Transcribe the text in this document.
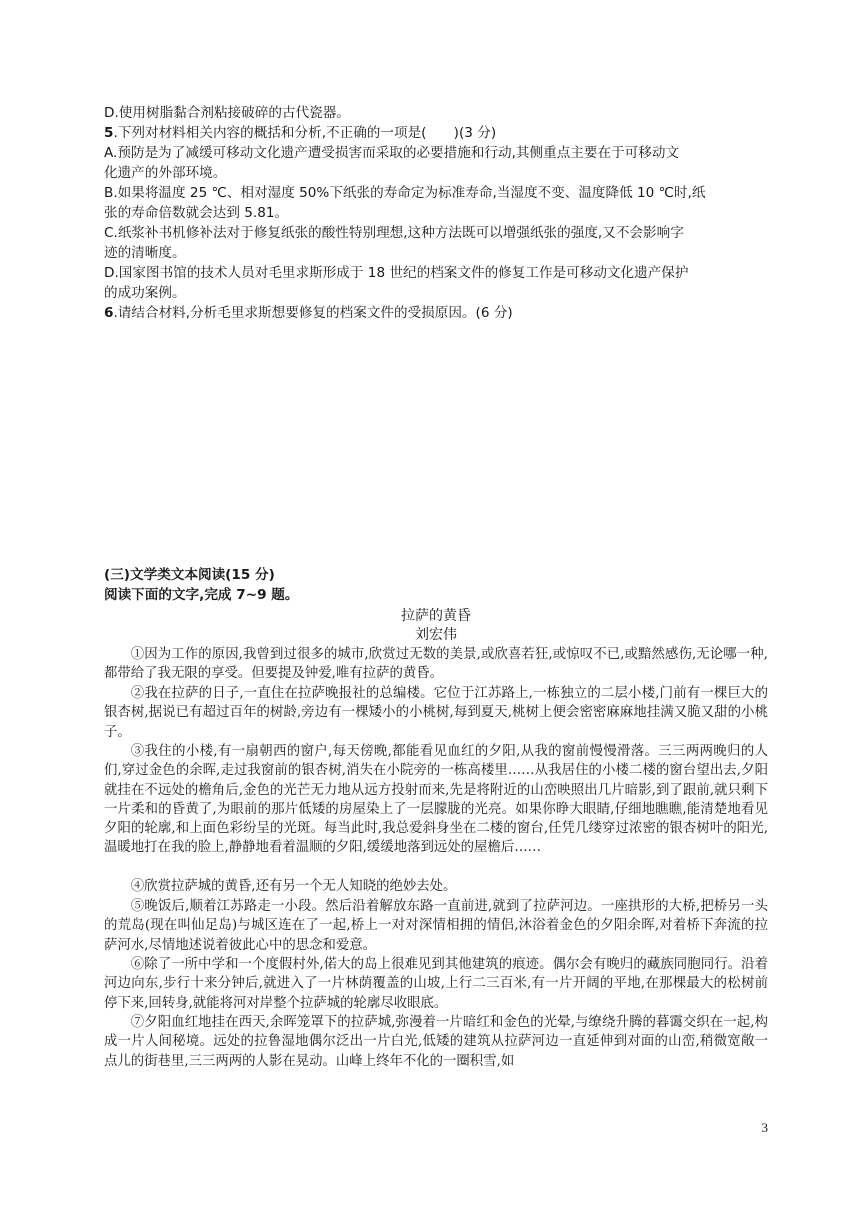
D.使用树脂黏合剂粘接破碎的古代瓷器。
5.下列对材料相关内容的概括和分析,不正确的一项是(　　)(3 分)
A.预防是为了减缓可移动文化遗产遭受损害而采取的必要措施和行动,其侧重点主要在于可移动文
化遗产的外部环境。
B.如果将温度 25 ℃、相对湿度 50%下纸张的寿命定为标准寿命,当湿度不变、温度降低 10 ℃时,纸
张的寿命倍数就会达到 5.81。
C.纸浆补书机修补法对于修复纸张的酸性特别理想,这种方法既可以增强纸张的强度,又不会影响字
迹的清晰度。
D.国家图书馆的技术人员对毛里求斯形成于 18 世纪的档案文件的修复工作是可移动文化遗产保护
的成功案例。
6.请结合材料,分析毛里求斯想要修复的档案文件的受损原因。(6 分)
(三)文学类文本阅读(15 分)
阅读下面的文字,完成 7~9 题。
拉萨的黄昏
刘宏伟
①因为工作的原因,我曾到过很多的城市,欣赏过无数的美景,或欣喜若狂,或惊叹不已,或黯然感伤,无论哪一种,都带给了我无限的享受。但要提及钟爱,唯有拉萨的黄昏。
②我在拉萨的日子,一直住在拉萨晚报社的总编楼。它位于江苏路上,一栋独立的二层小楼,门前有一棵巨大的银杏树,据说已有超过百年的树龄,旁边有一棵矮小的小桃树,每到夏天,桃树上便会密密麻麻地挂满又脆又甜的小桃子。
③我住的小楼,有一扇朝西的窗户,每天傍晚,都能看见血红的夕阳,从我的窗前慢慢滑落。三三两两晚归的人们,穿过金色的余晖,走过我窗前的银杏树,消失在小院旁的一栋高楼里……从我居住的小楼二楼的窗台望出去,夕阳就挂在不远处的檐角后,金色的光芒无力地从远方投射而来,先是将附近的山峦映照出几片暗影,到了跟前,就只剩下一片柔和的昏黄了,为眼前的那片低矮的房屋染上了一层朦胧的光亮。如果你睁大眼睛,仔细地瞧瞧,能清楚地看见夕阳的轮廓,和上面色彩纷呈的光斑。每当此时,我总爱斜身坐在二楼的窗台,任凭几缕穿过浓密的银杏树叶的阳光,温暖地打在我的脸上,静静地看着温顺的夕阳,缓缓地落到远处的屋檐后……
④欣赏拉萨城的黄昏,还有另一个无人知晓的绝妙去处。
⑤晚饭后,顺着江苏路走一小段。然后沿着解放东路一直前进,就到了拉萨河边。一座拱形的大桥,把桥另一头的荒岛(现在叫仙足岛)与城区连在了一起,桥上一对对深情相拥的情侣,沐浴着金色的夕阳余晖,对着桥下奔流的拉萨河水,尽情地述说着彼此心中的思念和爱意。
⑥除了一所中学和一个度假村外,偌大的岛上很难见到其他建筑的痕迹。偶尔会有晚归的藏族同胞同行。沿着河边向东,步行十来分钟后,就进入了一片林荫覆盖的山坡,上行二三百米,有一片开阔的平地,在那棵最大的松树前停下来,回转身,就能将河对岸整个拉萨城的轮廓尽收眼底。
⑦夕阳血红地挂在西天,余晖笼罩下的拉萨城,弥漫着一片暗红和金色的光晕,与缭绕升腾的暮霭交织在一起,构成一片人间秘境。远处的拉鲁湿地偶尔泛出一片白光,低矮的建筑从拉萨河边一直延伸到对面的山峦,稍微宽敞一点儿的街巷里,三三两两的人影在晃动。山峰上终年不化的一圈积雪,如
3
